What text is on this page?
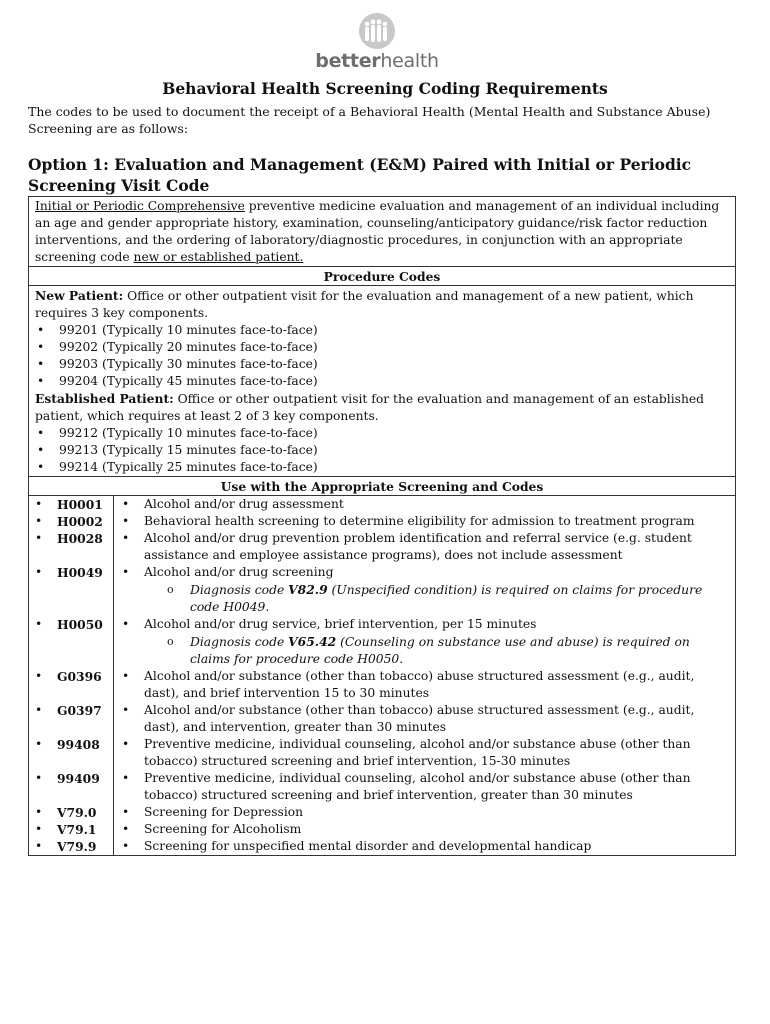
betterhealth
Behavioral Health Screening Coding Requirements
The codes to be used to document the receipt of a Behavioral Health (Mental Health and Substance Abuse) Screening are as follows:
Option 1: Evaluation and Management (E&M) Paired with Initial or Periodic
Screening Visit Code
Initial or Periodic Comprehensive preventive medicine evaluation and management of an individual including an age and gender appropriate history, examination, counseling/anticipatory guidance/risk factor reduction interventions, and the ordering of laboratory/diagnostic procedures, in conjunction with an appropriate screening code new or established patient.
Procedure Codes
New Patient: Office or other outpatient visit for the evaluation and management of a new patient, which requires 3 key components.
• 99201 (Typically 10 minutes face-to-face)
• 99202 (Typically 20 minutes face-to-face)
• 99203 (Typically 30 minutes face-to-face)
• 99204 (Typically 45 minutes face-to-face)
Established Patient: Office or other outpatient visit for the evaluation and management of an established patient, which requires at least 2 of 3 key components.
• 99212 (Typically 10 minutes face-to-face)
• 99213 (Typically 15 minutes face-to-face)
• 99214 (Typically 25 minutes face-to-face)
Use with the Appropriate Screening and Codes
• H0001	• Alcohol and/or drug assessment
• H0002	• Behavioral health screening to determine eligibility for admission to treatment program
• H0028	• Alcohol and/or drug prevention problem identification and referral service (e.g. student assistance and employee assistance programs), does not include assessment
• H0049	• Alcohol and/or drug screening
o Diagnosis code V82.9 (Unspecified condition) is required on claims for procedure code H0049.
• H0050	• Alcohol and/or drug service, brief intervention, per 15 minutes
o Diagnosis code V65.42 (Counseling on substance use and abuse) is required on claims for procedure code H0050.
• G0396	• Alcohol and/or substance (other than tobacco) abuse structured assessment (e.g., audit, dast), and brief intervention 15 to 30 minutes
• G0397	• Alcohol and/or substance (other than tobacco) abuse structured assessment (e.g., audit, dast), and intervention, greater than 30 minutes
• 99408	• Preventive medicine, individual counseling, alcohol and/or substance abuse (other than tobacco) structured screening and brief intervention, 15-30 minutes
• 99409	• Preventive medicine, individual counseling, alcohol and/or substance abuse (other than tobacco) structured screening and brief intervention, greater than 30 minutes
• V79.0	• Screening for Depression
• V79.1	• Screening for Alcoholism
• V79.9	• Screening for unspecified mental disorder and developmental handicap
